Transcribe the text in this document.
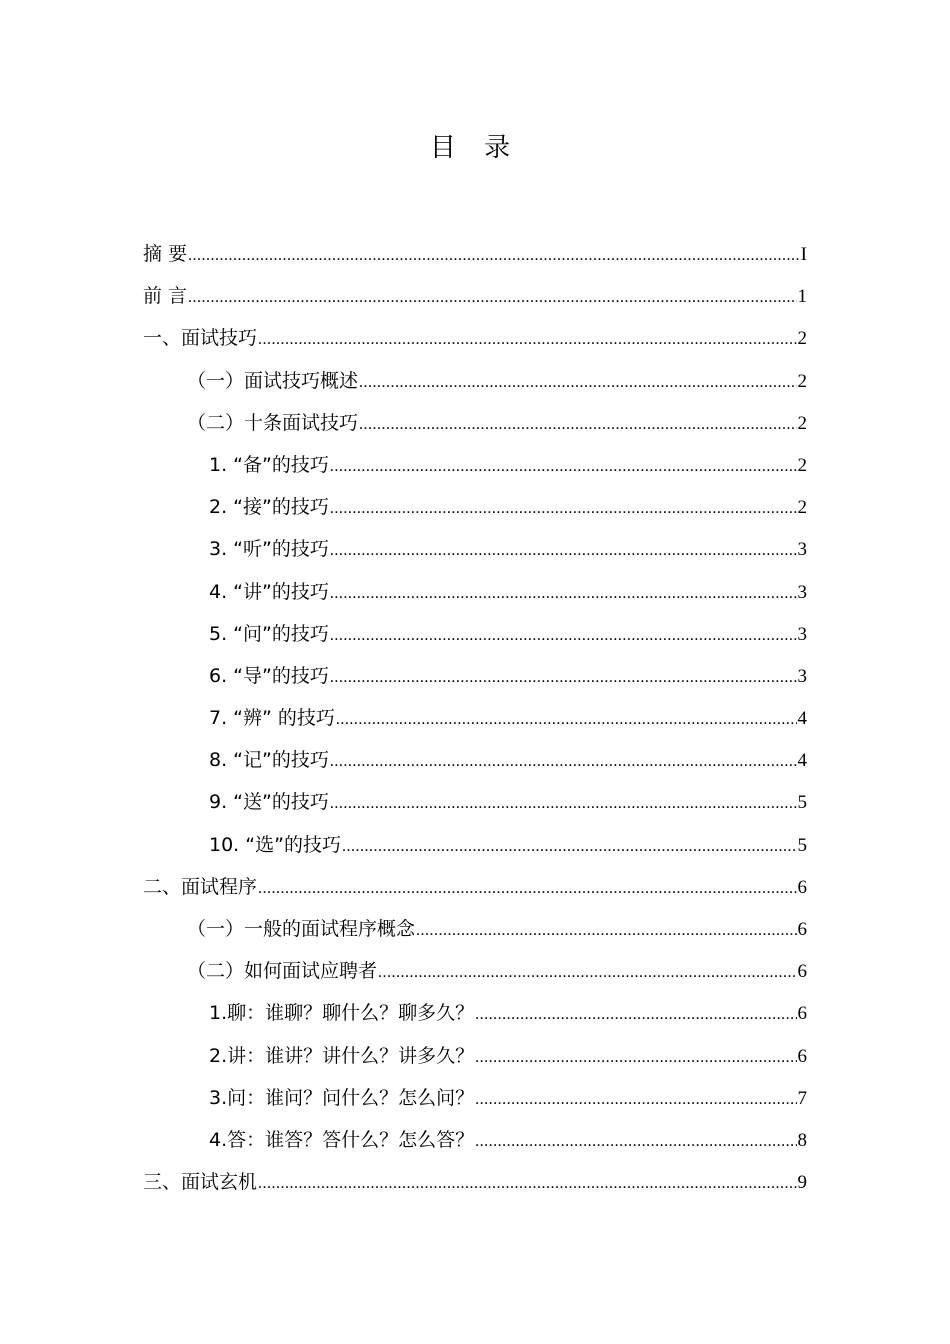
目 录
摘 要 .....	I
前 言 .....	1
一、面试技巧 .....	2
（一）面试技巧概述 .....	2
（二）十条面试技巧 .....	2
1. “备”的技巧 .....	2
2. “接”的技巧 .....	2
3. “听”的技巧 .....	3
4. “讲”的技巧 .....	3
5. “问”的技巧 .....	3
6. “导”的技巧 .....	3
7. “辨” 的技巧 .....	4
8. “记”的技巧 .....	4
9. “送”的技巧 .....	5
10. “选”的技巧 .....	5
二、面试程序 .....	6
（一）一般的面试程序概念 .....	6
（二）如何面试应聘者 .....	6
1.聊：谁聊？聊什么？聊多久？ .....	6
2.讲：谁讲？讲什么？讲多久？ .....	6
3.问：谁问？问什么？怎么问？ .....	7
4.答：谁答？答什么？怎么答？ .....	8
三、面试玄机 .....	9
